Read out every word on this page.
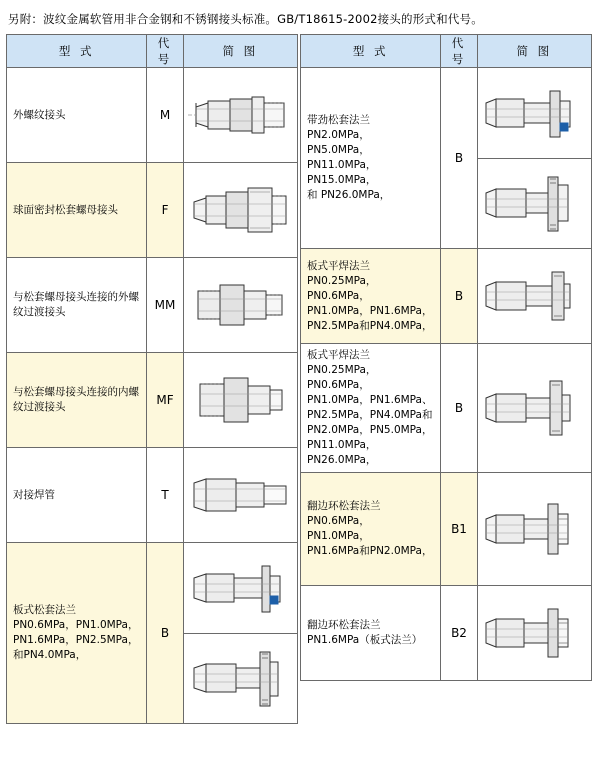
另附：波纹金属软管用非合金钢和不锈钢接头标准。GB/T18615-2002接头的形式和代号。
型 式	代 号	简 图
外螺纹接头	M	

球面密封松套螺母接头	F	

与松套螺母接头连接的外螺纹过渡接头	MM	

与松套螺母接头连接的内螺纹过渡接头	MF	

对接焊管	T	

板式松套法兰
PN0.6MPa，PN1.0MPa，
PN1.6MPa，PN2.5MPa，
和PN4.0MPa，	B	

型 式	代 号	简 图
带劲松套法兰
PN2.0MPa， PN5.0MPa，
PN11.0MPa，PN15.0MPa，
和 PN26.0MPa，	B	

板式平焊法兰
PN0.25MPa，PN0.6MPa，
PN1.0MPa，PN1.6MPa，
PN2.5MPa和PN4.0MPa，	B	

板式平焊法兰
PN0.25MPa，PN0.6MPa，
PN1.0MPa，PN1.6MPa、
PN2.5MPa，PN4.0MPa和
PN2.0MPa，PN5.0MPa，
PN11.0MPa，PN26.0MPa，	B	

翻边环松套法兰
PN0.6MPa， PN1.0MPa，
PN1.6MPa和PN2.0MPa，	B1	

翻边环松套法兰
PN1.6MPa（板式法兰）	B2	
